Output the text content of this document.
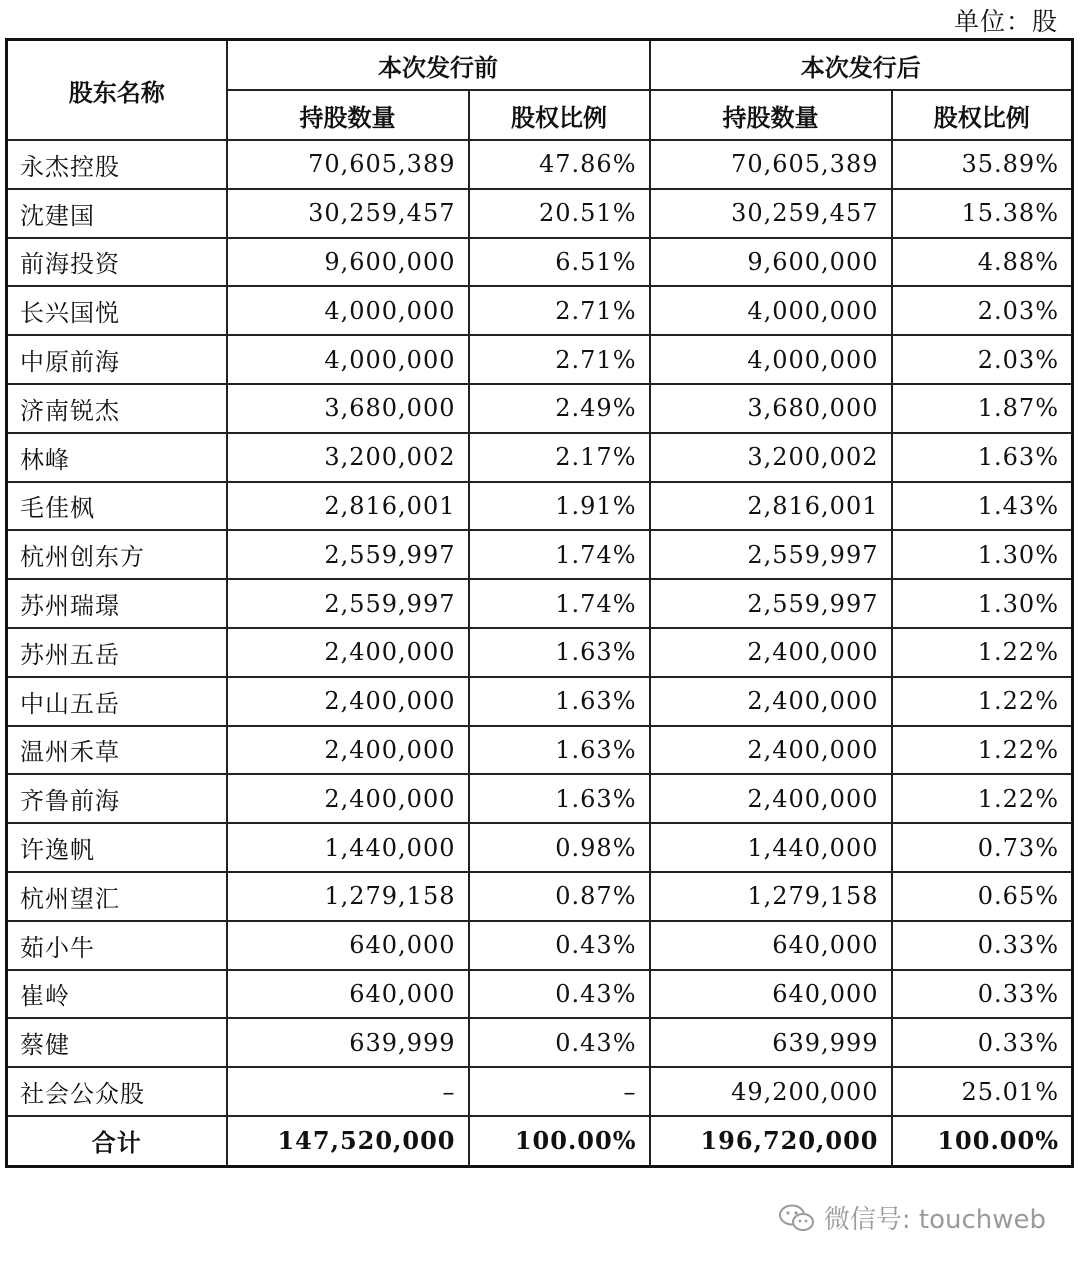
单位：股
股东名称	本次发行前		本次发行后	
	持股数量	股权比例	持股数量	股权比例
永杰控股	70,605,389	47.86%	70,605,389	35.89%
沈建国	30,259,457	20.51%	30,259,457	15.38%
前海投资	9,600,000	6.51%	9,600,000	4.88%
长兴国悦	4,000,000	2.71%	4,000,000	2.03%
中原前海	4,000,000	2.71%	4,000,000	2.03%
济南锐杰	3,680,000	2.49%	3,680,000	1.87%
林峰	3,200,002	2.17%	3,200,002	1.63%
毛佳枫	2,816,001	1.91%	2,816,001	1.43%
杭州创东方	2,559,997	1.74%	2,559,997	1.30%
苏州瑞璟	2,559,997	1.74%	2,559,997	1.30%
苏州五岳	2,400,000	1.63%	2,400,000	1.22%
中山五岳	2,400,000	1.63%	2,400,000	1.22%
温州禾草	2,400,000	1.63%	2,400,000	1.22%
齐鲁前海	2,400,000	1.63%	2,400,000	1.22%
许逸帆	1,440,000	0.98%	1,440,000	0.73%
杭州望汇	1,279,158	0.87%	1,279,158	0.65%
茹小牛	640,000	0.43%	640,000	0.33%
崔岭	640,000	0.43%	640,000	0.33%
蔡健	639,999	0.43%	639,999	0.33%
社会公众股	–	–	49,200,000	25.01%
合计	147,520,000	100.00%	196,720,000	100.00%
微信号: touchweb
